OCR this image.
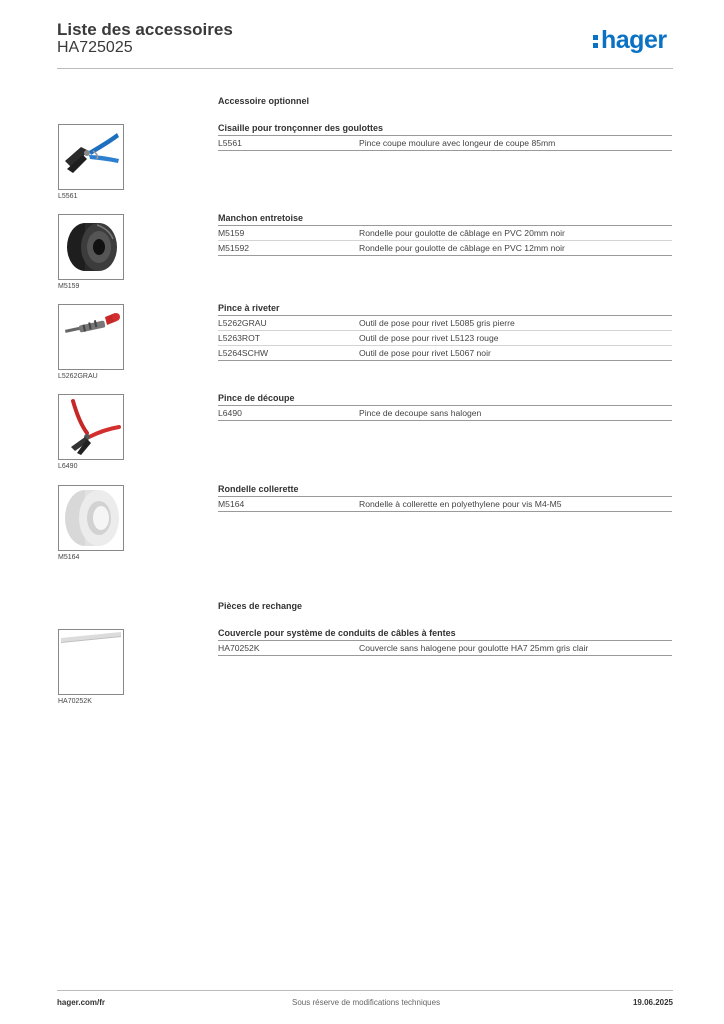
Liste des accessoires
HA725025	hager
Accessoire optionnel
L5561
Cisaille pour tronçonner des goulottes
L5561	Pince coupe moulure avec longeur de coupe 85mm
M5159
Manchon entretoise
M5159	Rondelle pour goulotte de câblage en PVC 20mm noir
M51592	Rondelle pour goulotte de câblage en PVC 12mm noir
L5262GRAU
Pince à riveter
L5262GRAU	Outil de pose pour rivet L5085 gris pierre
L5263ROT	Outil de pose pour rivet L5123 rouge
L5264SCHW	Outil de pose pour rivet L5067 noir
L6490
Pince de découpe
L6490	Pince de decoupe sans halogen
M5164
Rondelle collerette
M5164	Rondelle à collerette en polyethylene pour vis M4-M5
Pièces de rechange
HA70252K
Couvercle pour système de conduits de câbles à fentes
HA70252K	Couvercle sans halogene pour goulotte HA7 25mm gris clair
hager.com/fr	Sous réserve de modifications techniques	19.06.2025
